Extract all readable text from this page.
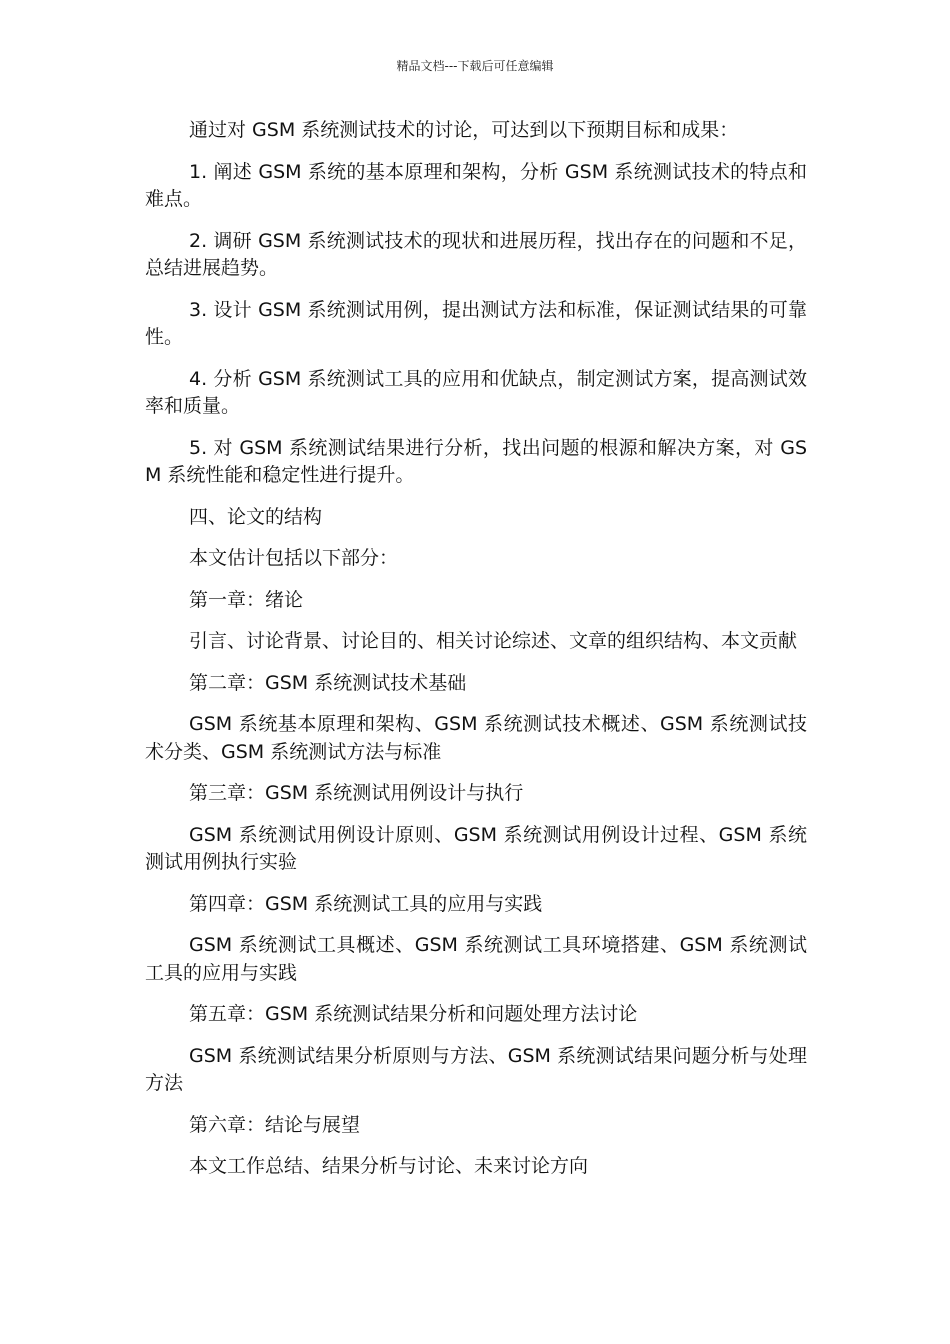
精品文档---下载后可任意编辑

通过对 GSM 系统测试技术的讨论，可达到以下预期目标和成果：

1. 阐述 GSM 系统的基本原理和架构，分析 GSM 系统测试技术的特点和难点。

2. 调研 GSM 系统测试技术的现状和进展历程，找出存在的问题和不足，总结进展趋势。

3. 设计 GSM 系统测试用例，提出测试方法和标准，保证测试结果的可靠性。

4. 分析 GSM 系统测试工具的应用和优缺点，制定测试方案，提高测试效率和质量。

5. 对 GSM 系统测试结果进行分析，找出问题的根源和解决方案，对 GSM 系统性能和稳定性进行提升。

四、论文的结构

本文估计包括以下部分：

第一章：绪论

引言、讨论背景、讨论目的、相关讨论综述、文章的组织结构、本文贡献

第二章：GSM 系统测试技术基础

GSM 系统基本原理和架构、GSM 系统测试技术概述、GSM 系统测试技术分类、GSM 系统测试方法与标准

第三章：GSM 系统测试用例设计与执行

GSM 系统测试用例设计原则、GSM 系统测试用例设计过程、GSM 系统测试用例执行实验

第四章：GSM 系统测试工具的应用与实践

GSM 系统测试工具概述、GSM 系统测试工具环境搭建、GSM 系统测试工具的应用与实践

第五章：GSM 系统测试结果分析和问题处理方法讨论

GSM 系统测试结果分析原则与方法、GSM 系统测试结果问题分析与处理方法

第六章：结论与展望

本文工作总结、结果分析与讨论、未来讨论方向
